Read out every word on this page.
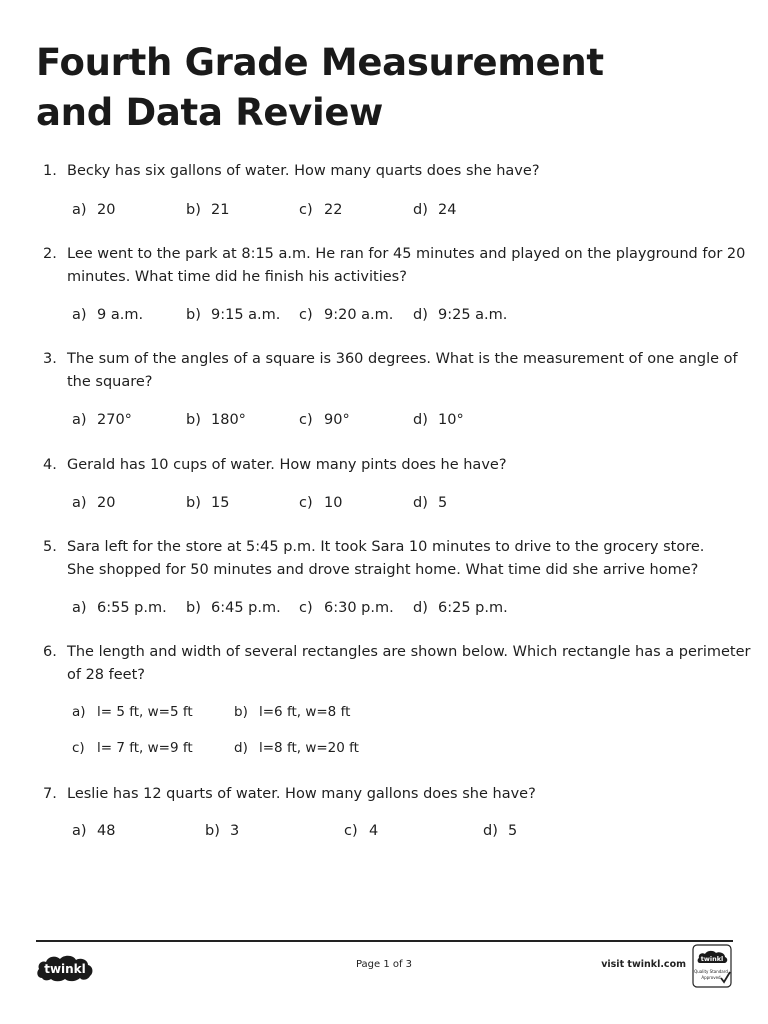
Fourth Grade Measurement
and Data Review
1. Becky has six gallons of water. How many quarts does she have?
a) 20	b) 21	c) 22	d) 24
2. Lee went to the park at 8:15 a.m. He ran for 45 minutes and played on the playground for 20
minutes. What time did he finish his activities?
a) 9 a.m.	b) 9:15 a.m. c) 9:20 a.m. d) 9:25 a.m.
3. The sum of the angles of a square is 360 degrees. What is the measurement of one angle of
the square?
a) 270°	b) 180°	c) 90°	d) 10°
4. Gerald has 10 cups of water. How many pints does he have?
a) 20	b) 15	c) 10	d) 5
5. Sara left for the store at 5:45 p.m. It took Sara 10 minutes to drive to the grocery store.
She shopped for 50 minutes and drove straight home. What time did she arrive home?
a) 6:55 p.m. b) 6:45 p.m. c) 6:30 p.m. d) 6:25 p.m.
6. The length and width of several rectangles are shown below. Which rectangle has a perimeter
of 28 feet?
a) l= 5 ft, w=5 ft	b) l=6 ft, w=8 ft
c) l= 7 ft, w=9 ft	d) l=8 ft, w=20 ft
7. Leslie has 12 quarts of water. How many gallons does she have?
a) 48	b) 3	c) 4	d) 5
twinkl	Page 1 of 3	visit twinkl.com twinkl
Quality Standard
Approved
